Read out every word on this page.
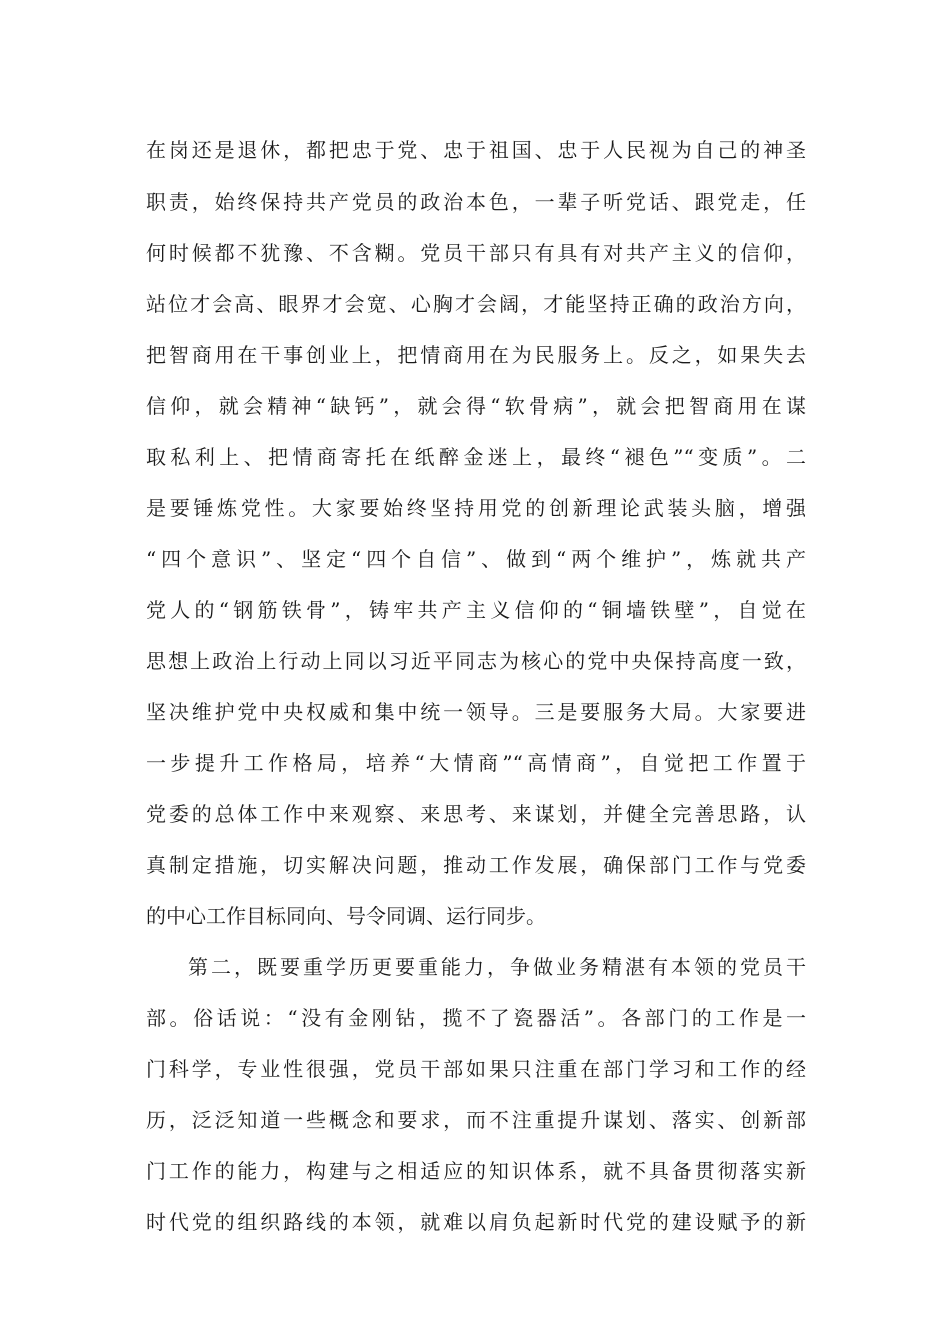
在岗还是退休，都把忠于党、忠于祖国、忠于人民视为自己的神圣
职责，始终保持共产党员的政治本色，一辈子听党话、跟党走，任
何时候都不犹豫、不含糊。党员干部只有具有对共产主义的信仰，
站位才会高、眼界才会宽、心胸才会阔，才能坚持正确的政治方向，
把智商用在干事创业上，把情商用在为民服务上。反之，如果失去
信仰，就会精神“缺钙”，就会得“软骨病”，就会把智商用在谋
取私利上、把情商寄托在纸醉金迷上，最终“褪色”“变质”。二
是要锤炼党性。大家要始终坚持用党的创新理论武装头脑，增强
“四个意识”、坚定“四个自信”、做到“两个维护”，炼就共产
党人的“钢筋铁骨”，铸牢共产主义信仰的“铜墙铁壁”，自觉在
思想上政治上行动上同以习近平同志为核心的党中央保持高度一致，
坚决维护党中央权威和集中统一领导。三是要服务大局。大家要进
一步提升工作格局，培养“大情商”“高情商”，自觉把工作置于
党委的总体工作中来观察、来思考、来谋划，并健全完善思路，认
真制定措施，切实解决问题，推动工作发展，确保部门工作与党委
的中心工作目标同向、号令同调、运行同步。
第二，既要重学历更要重能力，争做业务精湛有本领的党员干
部。俗话说：“没有金刚钻，揽不了瓷器活”。各部门的工作是一
门科学，专业性很强，党员干部如果只注重在部门学习和工作的经
历，泛泛知道一些概念和要求，而不注重提升谋划、落实、创新部
门工作的能力，构建与之相适应的知识体系，就不具备贯彻落实新
时代党的组织路线的本领，就难以肩负起新时代党的建设赋予的新
